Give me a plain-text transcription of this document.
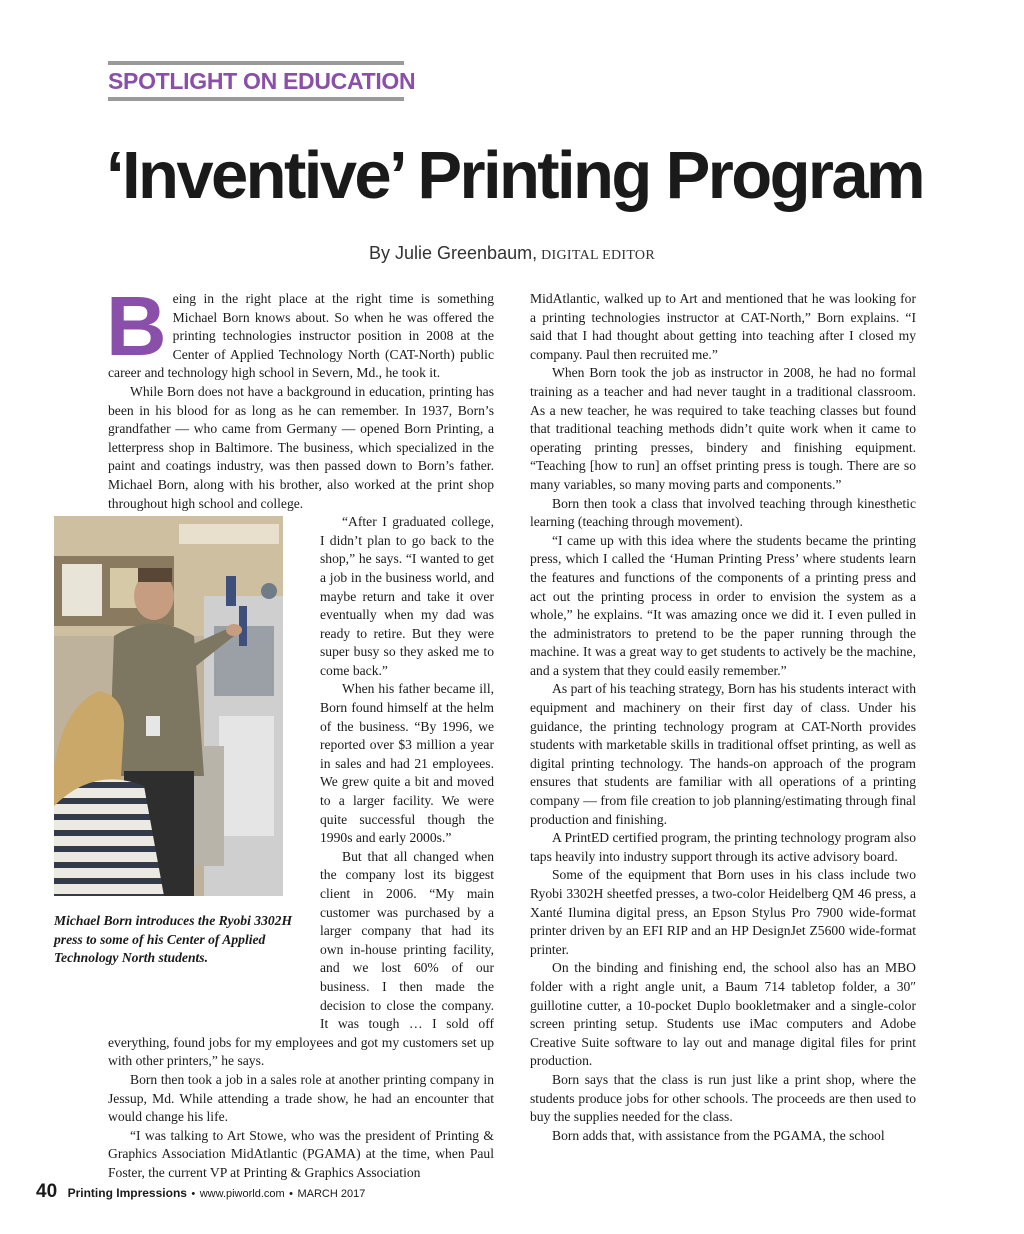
SPOTLIGHT ON EDUCATION
‘Inventive’ Printing Program
By Julie Greenbaum, DIGITAL EDITOR
B eing in the right place at the right time is something Michael Born knows about. So when he was offered the printing technologies instructor position in 2008 at the Center of Applied Technology North (CAT-North) public career and technology high school in Severn, Md., he took it.

While Born does not have a background in education, printing has been in his blood for as long as he can remember. In 1937, Born’s grandfather — who came from Germany — opened Born Printing, a letterpress shop in Baltimore. The business, which specialized in the paint and coatings industry, was then passed down to Born’s father. Michael Born, along with his brother, also worked at the print shop throughout high school and college.

“After I graduated college, I didn’t plan to go back to the shop,” he says. “I wanted to get a job in the business world, and maybe return and take it over eventually when my dad was ready to retire. But they were super busy so they asked me to come back.”

When his father became ill, Born found himself at the helm of the business. “By 1996, we reported over $3 million a year in sales and had 21 employees. We grew quite a bit and moved to a larger facility. We were quite successful though the 1990s and early 2000s.”

But that all changed when the company lost its biggest client in 2006. “My main customer was purchased by a larger company that had its own in-house printing facility, and we lost 60% of our business. I then made the decision to close the company. It was tough … I sold off everything, found jobs for my employees and got my customers set up with other printers,” he says.

Born then took a job in a sales role at another printing company in Jessup, Md. While attending a trade show, he had an encounter that would change his life.

“I was talking to Art Stowe, who was the president of Printing & Graphics Association MidAtlantic (PGAMA) at the time, when Paul Foster, the current VP at Printing & Graphics Association

MidAtlantic, walked up to Art and mentioned that he was looking for a printing technologies instructor at CAT-North,” Born explains. “I said that I had thought about getting into teaching after I closed my company. Paul then recruited me.”

When Born took the job as instructor in 2008, he had no formal training as a teacher and had never taught in a traditional classroom. As a new teacher, he was required to take teaching classes but found that traditional teaching methods didn’t quite work when it came to operating printing presses, bindery and finishing equipment. “Teaching [how to run] an offset printing press is tough. There are so many variables, so many moving parts and components.”

Born then took a class that involved teaching through kinesthetic learning (teaching through movement).

“I came up with this idea where the students became the printing press, which I called the ‘Human Printing Press’ where students learn the features and functions of the components of a printing press and act out the printing process in order to envision the system as a whole,” he explains. “It was amazing once we did it. I even pulled in the administrators to pretend to be the paper running through the machine. It was a great way to get students to actively be the machine, and a system that they could easily remember.”

As part of his teaching strategy, Born has his students interact with equipment and machinery on their first day of class. Under his guidance, the printing technology program at CAT-North provides students with marketable skills in traditional offset printing, as well as digital printing technology. The hands-on approach of the program ensures that students are familiar with all operations of a printing company — from file creation to job planning/estimating through final production and finishing.

A PrintED certified program, the printing technology program also taps heavily into industry support through its active advisory board.

Some of the equipment that Born uses in his class include two Ryobi 3302H sheetfed presses, a two-color Heidelberg QM 46 press, a Xanté Ilumina digital press, an Epson Stylus Pro 7900 wide-format printer driven by an EFI RIP and an HP DesignJet Z5600 wide-format printer.

On the binding and finishing end, the school also has an MBO folder with a right angle unit, a Baum 714 tabletop folder, a 30″ guillotine cutter, a 10-pocket Duplo bookletmaker and a single-color screen printing setup. Students use iMac computers and Adobe Creative Suite software to lay out and manage digital files for print production.

Born says that the class is run just like a print shop, where the students produce jobs for other schools. The proceeds are then used to buy the supplies needed for the class.

Born adds that, with assistance from the PGAMA, the school

Michael Born introduces the Ryobi 3302H press to some of his Center of Applied Technology North students.
40 Printing Impressions • www.piworld.com • MARCH 2017
